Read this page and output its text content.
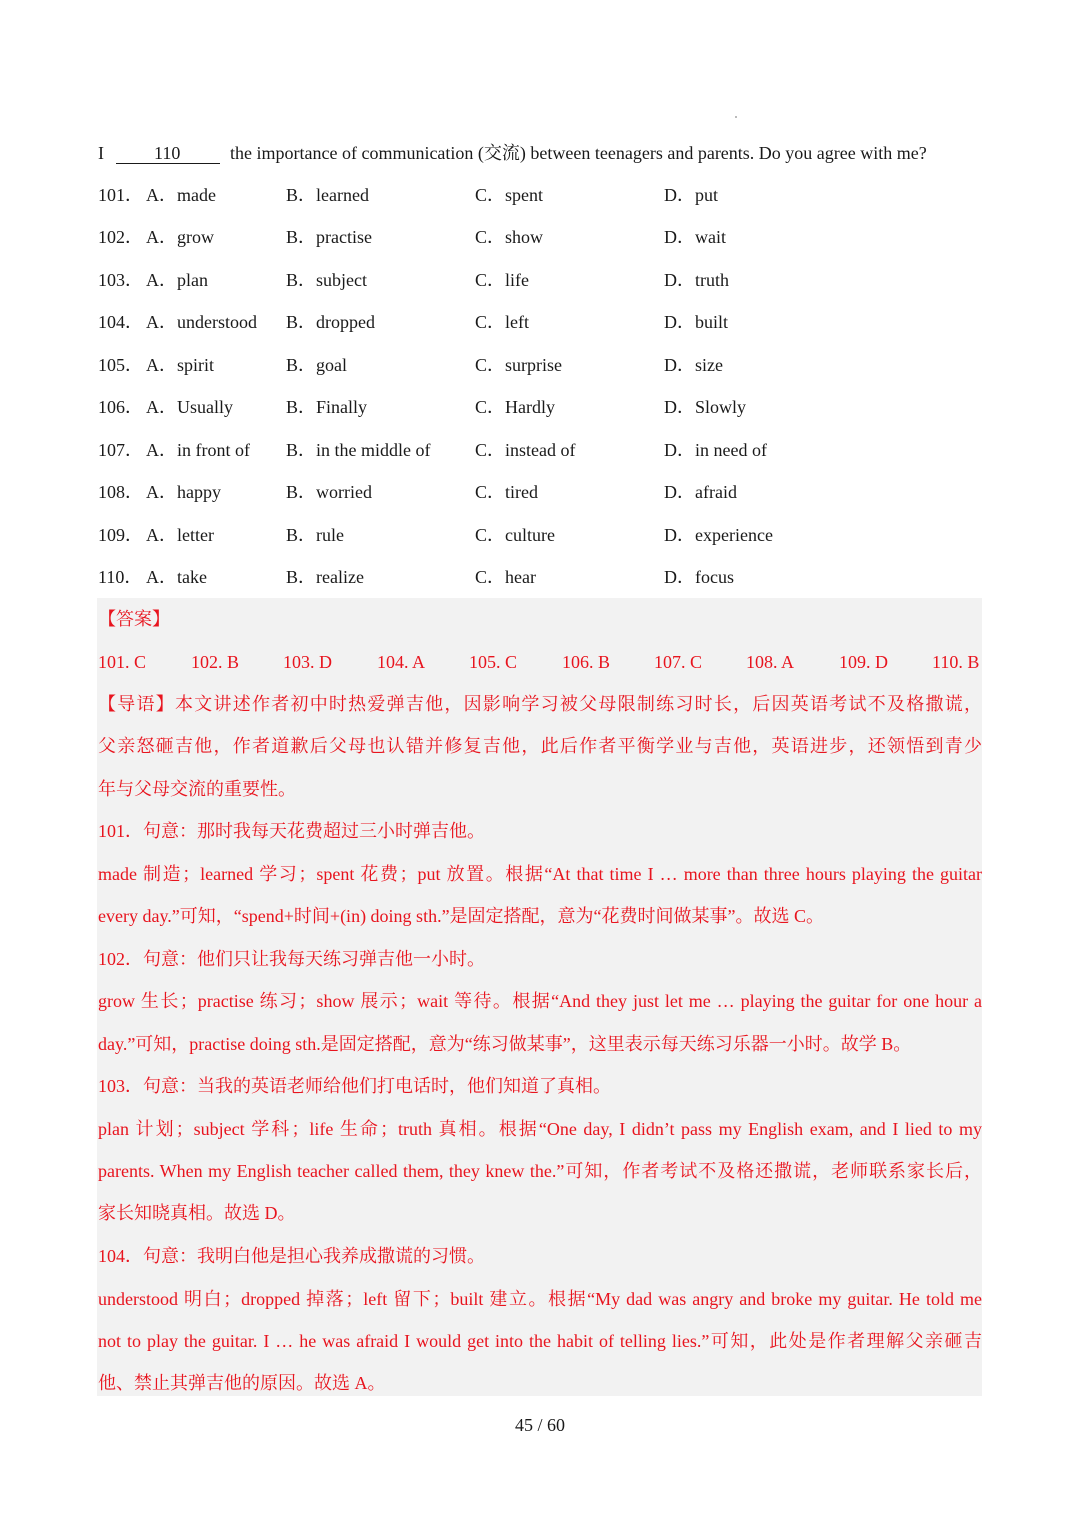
I	110	the importance of communication (交流) between teenagers and parents. Do you agree with me?
101． A．made	B．learned	C．spent	D．put
102． A．grow	B．practise	C．show	D．wait
103． A．plan	B．subject	C．life	D．truth
104． A．understood B．dropped	C．left	D．built
105． A．spirit	B．goal	C．surprise	D．size
106． A．Usually	B．Finally	C．Hardly	D．Slowly
107． A．in front of B．in the middle of C．instead of	D．in need of
108． A．happy	B．worried	C．tired	D．afraid
109． A．letter	B．rule	C．culture	D．experience
110． A．take	B．realize	C．hear	D．focus
【答案】
101. C 102. B 103. D	104. A 105. C 106. B 107. C 108. A 109. D 110. B
【导语】本文讲述作者初中时热爱弹吉他，因影响学习被父母限制练习时长，后因英语考试不及格撒谎，
父亲怒砸吉他，作者道歉后父母也认错并修复吉他，此后作者平衡学业与吉他，英语进步，还领悟到青少
年与父母交流的重要性。
101．句意：那时我每天花费超过三小时弹吉他。
made 制造；learned 学习；spent 花费；put 放置。根据“At that time I … more than three hours playing the guitar
every day.”可知，“spend+时间+(in) doing sth.”是固定搭配，意为“花费时间做某事”。故选 C。
102．句意：他们只让我每天练习弹吉他一小时。
grow 生长；practise 练习；show 展示；wait 等待。根据“And they just let me … playing the guitar for one hour a
day.”可知，practise doing sth.是固定搭配，意为“练习做某事”，这里表示每天练习乐器一小时。故学 B。
103．句意：当我的英语老师给他们打电话时，他们知道了真相。
plan 计划；subject 学科；life 生命；truth 真相。根据“One day, I didn’t pass my English exam, and I lied to my
parents. When my English teacher called them, they knew the.”可知，作者考试不及格还撒谎，老师联系家长后，
家长知晓真相。故选 D。
104．句意：我明白他是担心我养成撒谎的习惯。
understood 明白；dropped 掉落；left 留下；built 建立。根据“My dad was angry and broke my guitar. He told me
not to play the guitar. I … he was afraid I would get into the habit of telling lies.”可知，此处是作者理解父亲砸吉
他、禁止其弹吉他的原因。故选 A。
45 / 60
